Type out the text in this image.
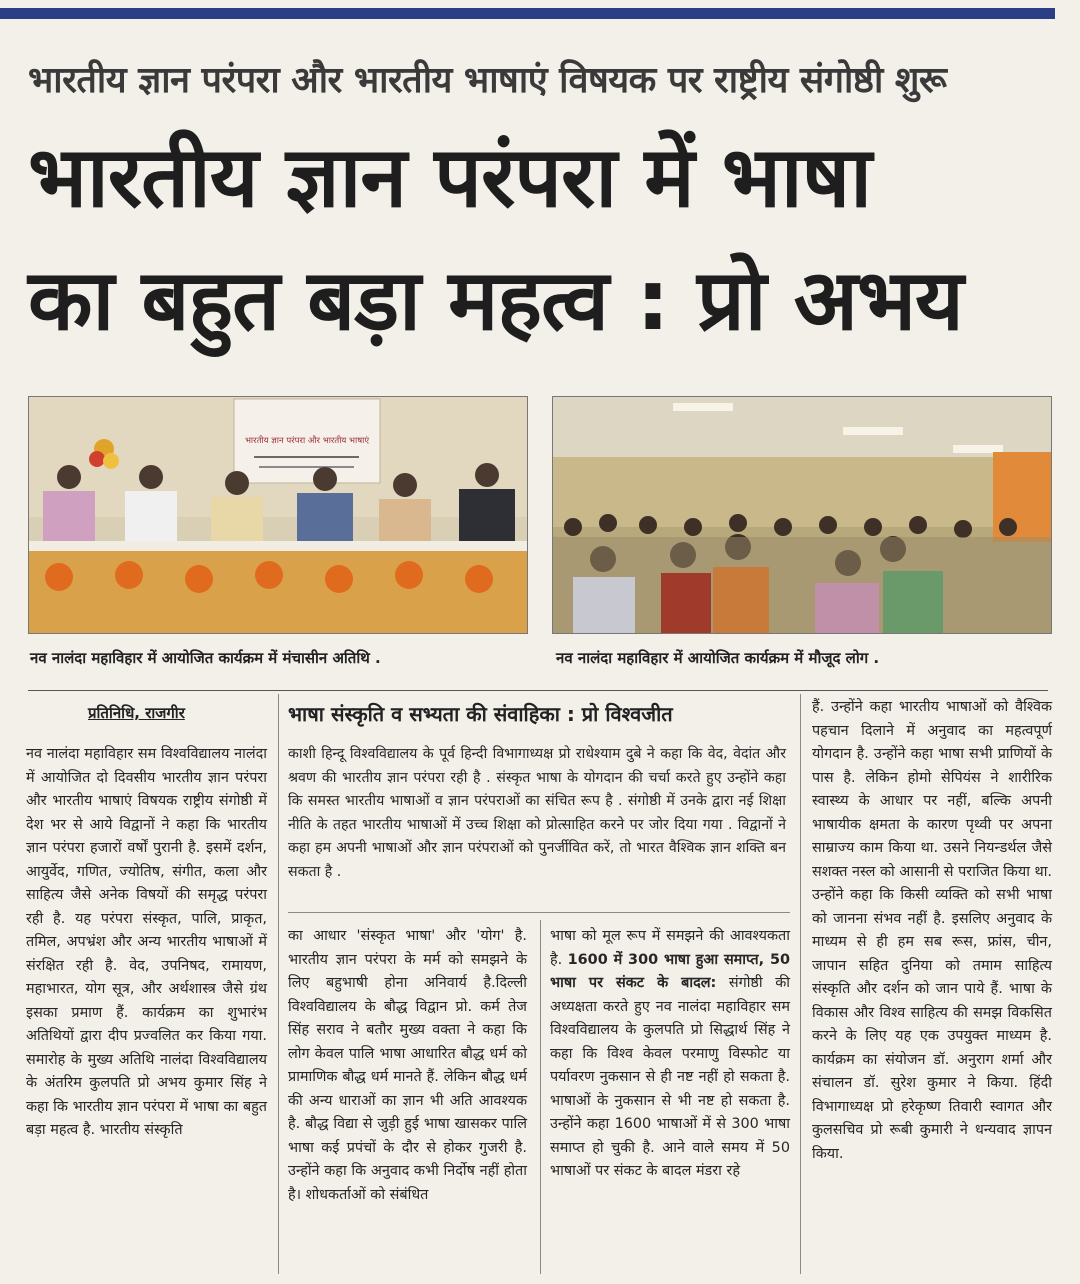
भारतीय ज्ञान परंपरा और भारतीय भाषाएं विषयक पर राष्ट्रीय संगोष्ठी शुरू
भारतीय ज्ञान परंपरा में भाषा
का बहुत बड़ा महत्व : प्रो अभय
भारतीय ज्ञान परंपरा और भारतीय भाषाएं
नव नालंदा महाविहार में आयोजित कार्यक्रम में मंचासीन अतिथि .	नव नालंदा महाविहार में आयोजित कार्यक्रम में मौजूद लोग .
प्रतिनिधि, राजगीर	भाषा संस्कृति व सभ्यता की संवाहिका : प्रो विश्वजीत

नव नालंदा महाविहार सम विश्वविद्यालय नालंदा में आयोजित दो दिवसीय भारतीय ज्ञान परंपरा और भारतीय भाषाएं विषयक राष्ट्रीय संगोष्ठी में देश भर से आये विद्वानों ने कहा कि भारतीय ज्ञान परंपरा हजारों वर्षों पुरानी है. इसमें दर्शन, आयुर्वेद, गणित, ज्योतिष, संगीत, कला और साहित्य जैसे अनेक विषयों की समृद्ध परंपरा रही है. यह परंपरा संस्कृत, पालि, प्राकृत, तमिल, अपभ्रंश और अन्य भारतीय भाषाओं में संरक्षित रही है. वेद, उपनिषद, रामायण, महाभारत, योग सूत्र, और अर्थशास्त्र जैसे ग्रंथ इसका प्रमाण हैं. कार्यक्रम का शुभारंभ अतिथियों द्वारा दीप प्रज्वलित कर किया गया. समारोह के मुख्य अतिथि नालंदा विश्वविद्यालय के अंतरिम कुलपति प्रो अभय कुमार सिंह ने कहा कि भारतीय ज्ञान परंपरा में भाषा का बहुत बड़ा महत्व है. भारतीय संस्कृति

काशी हिन्दू विश्वविद्यालय के पूर्व हिन्दी विभागाध्यक्ष प्रो राधेश्याम दुबे ने कहा कि वेद, वेदांत और श्रवण की भारतीय ज्ञान परंपरा रही है . संस्कृत भाषा के योगदान की चर्चा करते हुए उन्होंने कहा कि समस्त भारतीय भाषाओं व ज्ञान परंपराओं का संचित रूप है . संगोष्ठी में उनके द्वारा नई शिक्षा नीति के तहत भारतीय भाषाओं में उच्च शिक्षा को प्रोत्साहित करने पर जोर दिया गया . विद्वानों ने कहा हम अपनी भाषाओं और ज्ञान परंपराओं को पुनर्जीवित करें, तो भारत वैश्विक ज्ञान शक्ति बन सकता है .

का आधार 'संस्कृत भाषा' और 'योग' है. भारतीय ज्ञान परंपरा के मर्म को समझने के लिए बहुभाषी होना अनिवार्य है.दिल्ली विश्वविद्यालय के बौद्ध विद्वान प्रो. कर्म तेज सिंह सराव ने बतौर मुख्य वक्ता ने कहा कि लोग केवल पालि भाषा आधारित बौद्ध धर्म को प्रामाणिक बौद्ध धर्म मानते हैं. लेकिन बौद्ध धर्म की अन्य धाराओं का ज्ञान भी अति आवश्यक है. बौद्ध विद्या से जुड़ी हुई भाषा खासकर पालि भाषा कई प्रपंचों के दौर से होकर गुजरी है. उन्होंने कहा कि अनुवाद कभी निर्दोष नहीं होता है। शोधकर्ताओं को संबंधित

भाषा को मूल रूप में समझने की आवश्यकता है. 1600 में 300 भाषा हुआ समाप्त, 50 भाषा पर संकट के बादल: संगोष्ठी की अध्यक्षता करते हुए नव नालंदा महाविहार सम विश्वविद्यालय के कुलपति प्रो सिद्धार्थ सिंह ने कहा कि विश्व केवल परमाणु विस्फोट या पर्यावरण नुकसान से ही नष्ट नहीं हो सकता है. भाषाओं के नुकसान से भी नष्ट हो सकता है. उन्होंने कहा 1600 भाषाओं में से 300 भाषा समाप्त हो चुकी है. आने वाले समय में 50 भाषाओं पर संकट के बादल मंडरा रहे

हैं. उन्होंने कहा भारतीय भाषाओं को वैश्विक पहचान दिलाने में अनुवाद का महत्वपूर्ण योगदान है. उन्होंने कहा भाषा सभी प्राणियों के पास है. लेकिन होमो सेपियंस ने शारीरिक स्वास्थ्य के आधार पर नहीं, बल्कि अपनी भाषायीक क्षमता के कारण पृथ्वी पर अपना साम्राज्य काम किया था. उसने नियन्डर्थल जैसे सशक्त नस्ल को आसानी से पराजित किया था. उन्होंने कहा कि किसी व्यक्ति को सभी भाषा को जानना संभव नहीं है. इसलिए अनुवाद के माध्यम से ही हम सब रूस, फ्रांस, चीन, जापान सहित दुनिया को तमाम साहित्य संस्कृति और दर्शन को जान पाये हैं. भाषा के विकास और विश्व साहित्य की समझ विकसित करने के लिए यह एक उपयुक्त माध्यम है. कार्यक्रम का संयोजन डॉ. अनुराग शर्मा और संचालन डॉ. सुरेश कुमार ने किया. हिंदी विभागाध्यक्ष प्रो हरेकृष्ण तिवारी स्वागत और कुलसचिव प्रो रूबी कुमारी ने धन्यवाद ज्ञापन किया.
